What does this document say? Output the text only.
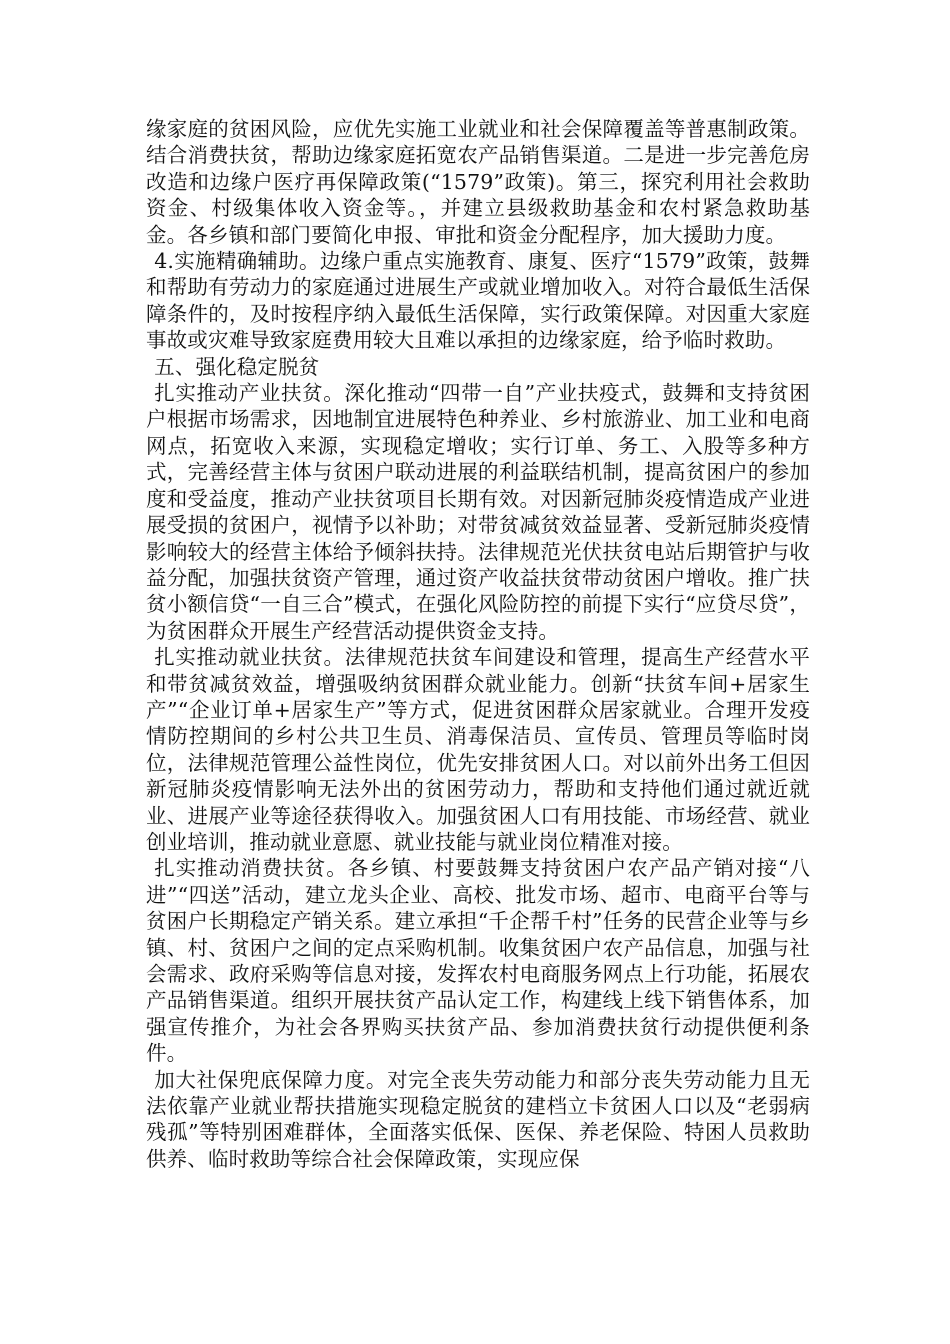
缘家庭的贫困风险，应优先实施工业就业和社会保障覆盖等普惠制政策。结合消费扶贫，帮助边缘家庭拓宽农产品销售渠道。二是进一步完善危房改造和边缘户医疗再保障政策(“1579”政策)。第三，探究利用社会救助资金、村级集体收入资金等。，并建立县级救助基金和农村紧急救助基金。各乡镇和部门要简化申报、审批和资金分配程序，加大援助力度。

4.实施精确辅助。边缘户重点实施教育、康复、医疗“1579”政策，鼓舞和帮助有劳动力的家庭通过进展生产或就业增加收入。对符合最低生活保障条件的，及时按程序纳入最低生活保障，实行政策保障。对因重大家庭事故或灾难导致家庭费用较大且难以承担的边缘家庭，给予临时救助。

五、强化稳定脱贫

扎实推动产业扶贫。深化推动“四带一自”产业扶疫式，鼓舞和支持贫困户根据市场需求，因地制宜进展特色种养业、乡村旅游业、加工业和电商网点，拓宽收入来源，实现稳定增收；实行订单、务工、入股等多种方式，完善经营主体与贫困户联动进展的利益联结机制，提高贫困户的参加度和受益度，推动产业扶贫项目长期有效。对因新冠肺炎疫情造成产业进展受损的贫困户，视情予以补助；对带贫减贫效益显著、受新冠肺炎疫情影响较大的经营主体给予倾斜扶持。法律规范光伏扶贫电站后期管护与收益分配，加强扶贫资产管理，通过资产收益扶贫带动贫困户增收。推广扶贫小额信贷“一自三合”模式，在强化风险防控的前提下实行“应贷尽贷”，为贫困群众开展生产经营活动提供资金支持。

扎实推动就业扶贫。法律规范扶贫车间建设和管理，提高生产经营水平和带贫减贫效益，增强吸纳贫困群众就业能力。创新“扶贫车间+居家生产”“企业订单+居家生产”等方式，促进贫困群众居家就业。合理开发疫情防控期间的乡村公共卫生员、消毒保洁员、宣传员、管理员等临时岗位，法律规范管理公益性岗位，优先安排贫困人口。对以前外出务工但因新冠肺炎疫情影响无法外出的贫困劳动力，帮助和支持他们通过就近就业、进展产业等途径获得收入。加强贫困人口有用技能、市场经营、就业创业培训，推动就业意愿、就业技能与就业岗位精准对接。

扎实推动消费扶贫。各乡镇、村要鼓舞支持贫困户农产品产销对接“八进”“四送”活动，建立龙头企业、高校、批发市场、超市、电商平台等与贫困户长期稳定产销关系。建立承担“千企帮千村”任务的民营企业等与乡镇、村、贫困户之间的定点采购机制。收集贫困户农产品信息，加强与社会需求、政府采购等信息对接，发挥农村电商服务网点上行功能，拓展农产品销售渠道。组织开展扶贫产品认定工作，构建线上线下销售体系，加强宣传推介，为社会各界购买扶贫产品、参加消费扶贫行动提供便利条件。

加大社保兜底保障力度。对完全丧失劳动能力和部分丧失劳动能力且无法依靠产业就业帮扶措施实现稳定脱贫的建档立卡贫困人口以及“老弱病残孤”等特别困难群体，全面落实低保、医保、养老保险、特困人员救助供养、临时救助等综合社会保障政策，实现应保
